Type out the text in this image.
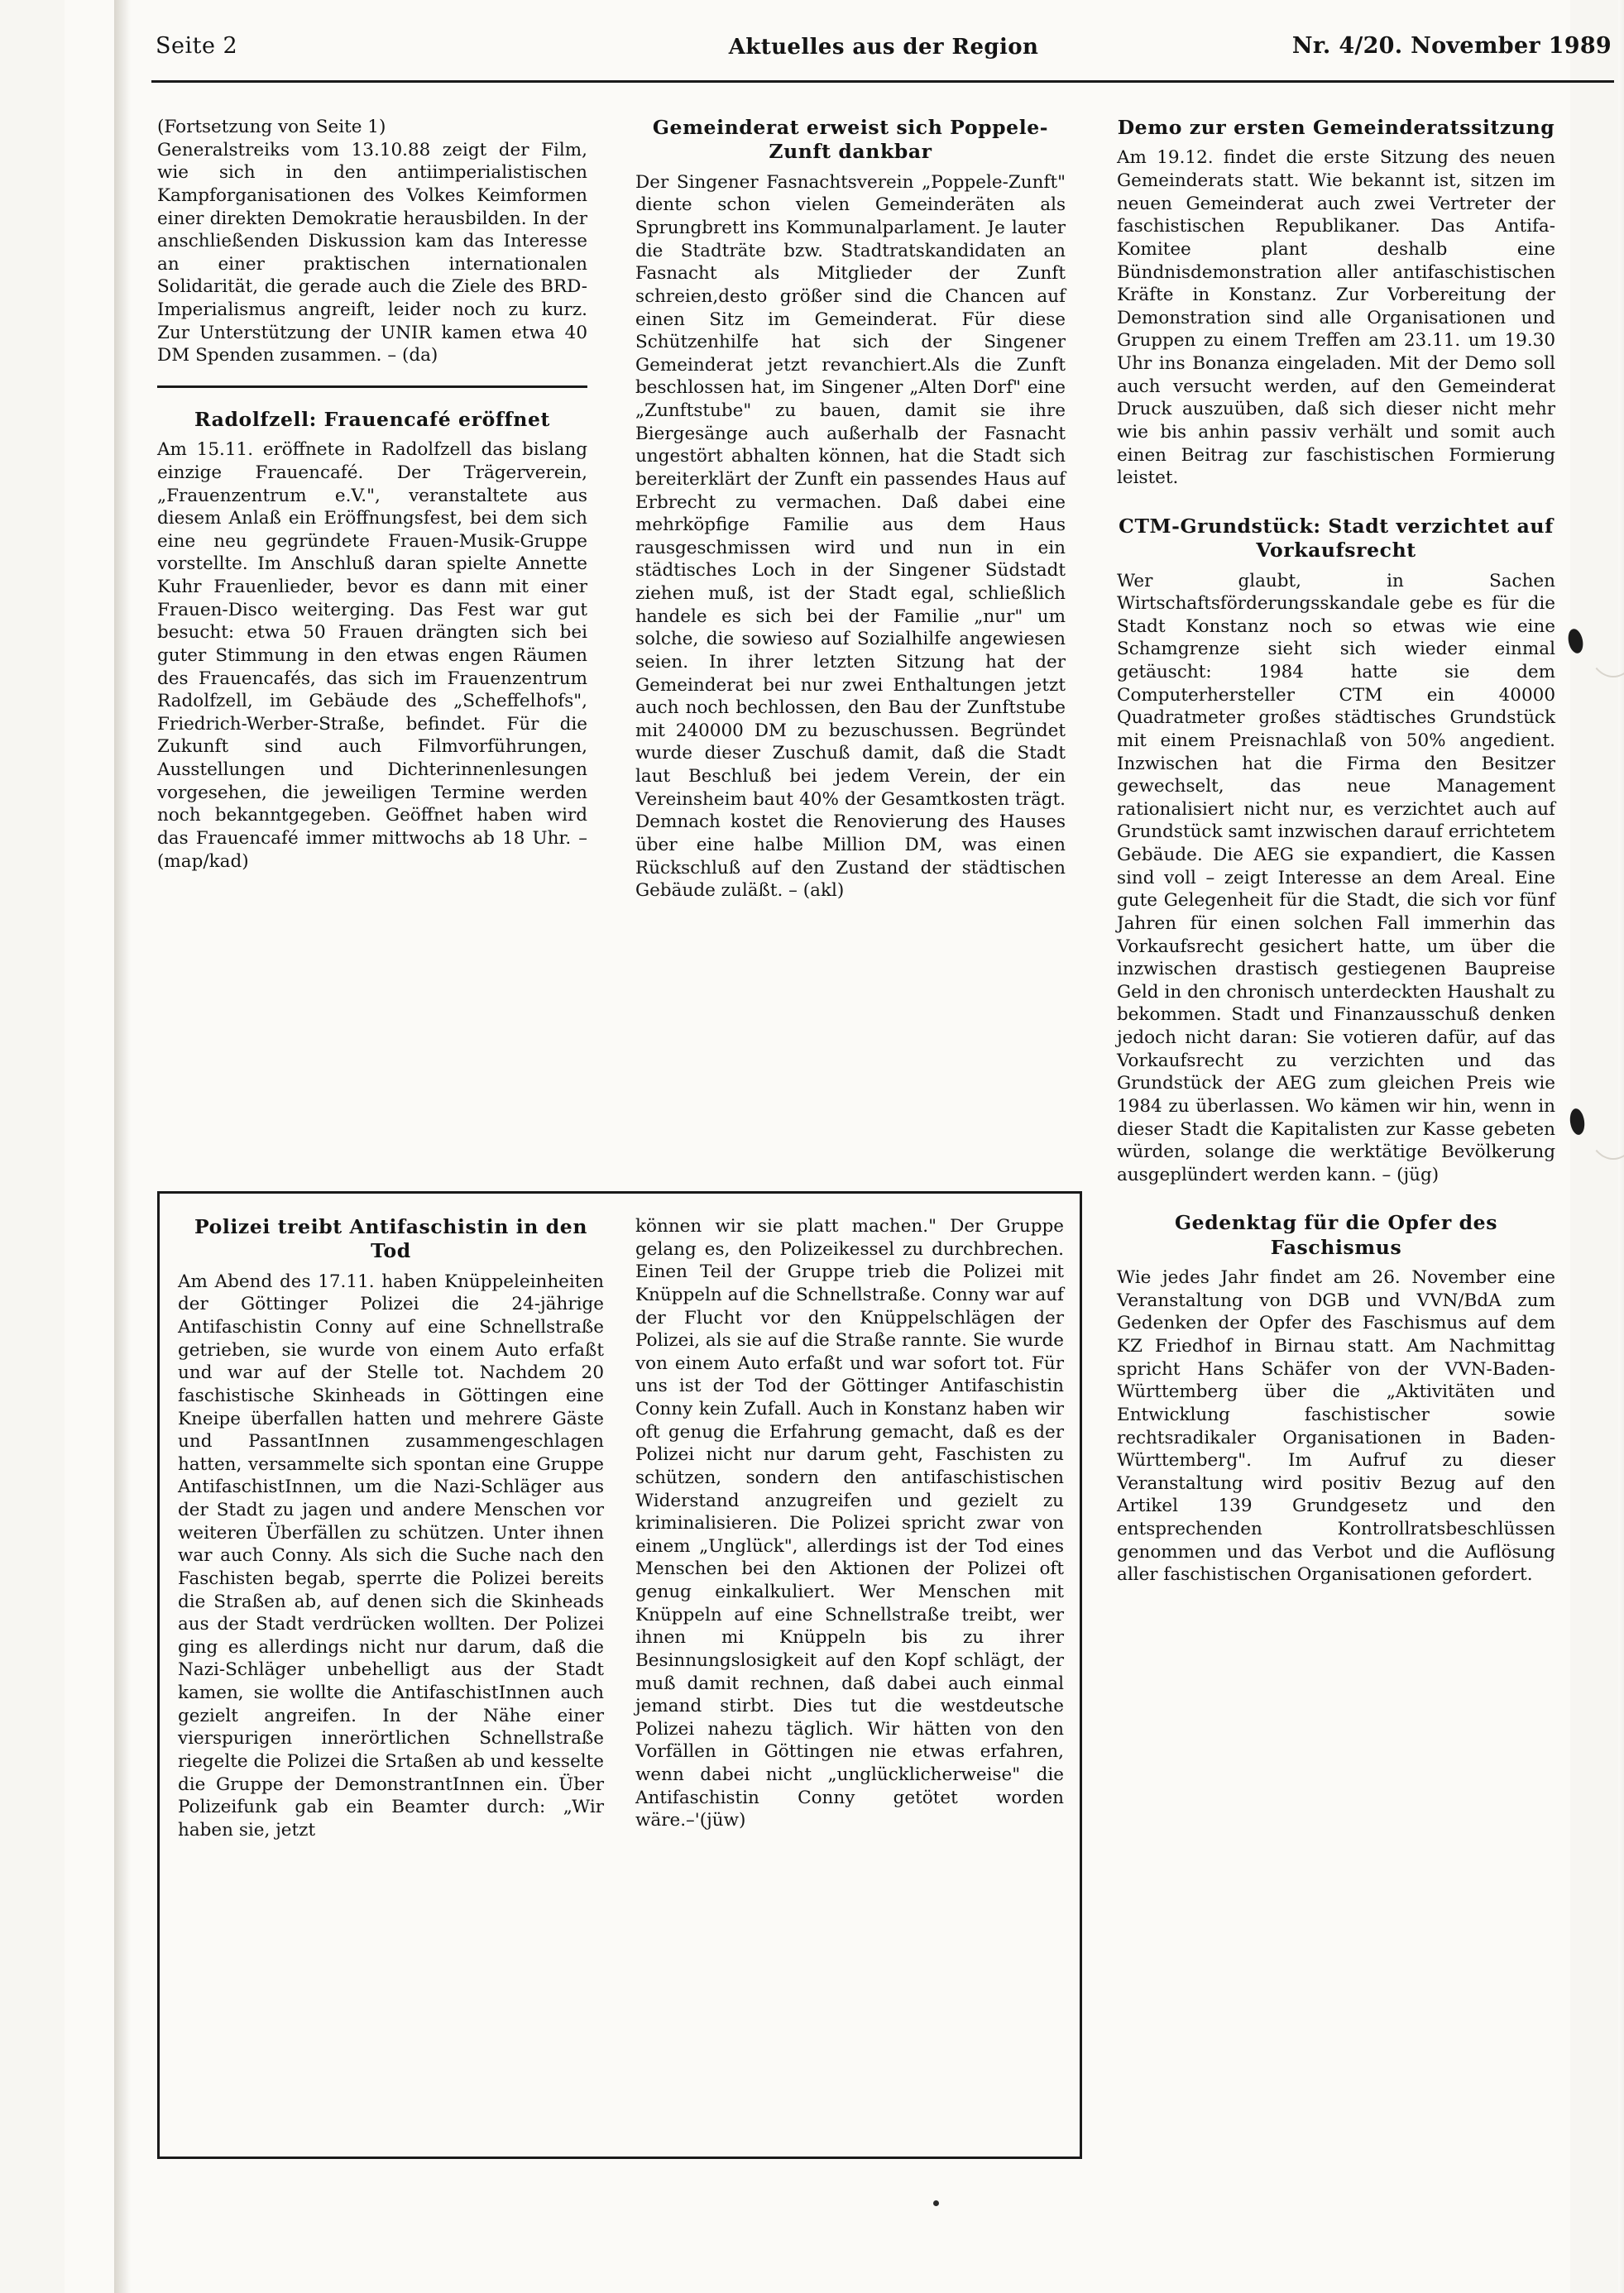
Seite 2	Aktuelles aus der Region	Nr. 4/20. November 1989

(Fortsetzung von Seite 1)

Generalstreiks vom 13.10.88 zeigt der Film, wie sich in den antiimperialistischen Kampforganisationen des Volkes Keimformen einer direkten Demokratie herausbilden. In der anschließenden Diskussion kam das Interesse an einer praktischen internationalen Solidarität, die gerade auch die Ziele des BRD-Imperialismus angreift, leider noch zu kurz. Zur Unterstützung der UNIR kamen etwa 40 DM Spenden zusammen. – (da)

Radolfzell: Frauencafé eröffnet

Am 15.11. eröffnete in Radolfzell das bislang einzige Frauencafé. Der Trägerverein, „Frauenzentrum e.V.", veranstaltete aus diesem Anlaß ein Eröffnungsfest, bei dem sich eine neu gegründete Frauen-Musik-Gruppe vorstellte. Im Anschluß daran spielte Annette Kuhr Frauenlieder, bevor es dann mit einer Frauen-Disco weiterging. Das Fest war gut besucht: etwa 50 Frauen drängten sich bei guter Stimmung in den etwas engen Räumen des Frauencafés, das sich im Frauenzentrum Radolfzell, im Gebäude des „Scheffelhofs", Friedrich-Werber-Straße, befindet. Für die Zukunft sind auch Filmvorführungen, Ausstellungen und Dichterinnenlesungen vorgesehen, die jeweiligen Termine werden noch bekanntgegeben. Geöffnet haben wird das Frauencafé immer mittwochs ab 18 Uhr. – (map/kad)

Gemeinderat erweist sich Poppele-Zunft dankbar

Der Singener Fasnachtsverein „Poppele-Zunft" diente schon vielen Gemeinderäten als Sprungbrett ins Kommunalparlament. Je lauter die Stadträte bzw. Stadtratskandidaten an Fasnacht als Mitglieder der Zunft schreien,desto größer sind die Chancen auf einen Sitz im Gemeinderat. Für diese Schützenhilfe hat sich der Singener Gemeinderat jetzt revanchiert.Als die Zunft beschlossen hat, im Singener „Alten Dorf" eine „Zunftstube" zu bauen, damit sie ihre Biergesänge auch außerhalb der Fasnacht ungestört abhalten können, hat die Stadt sich bereiterklärt der Zunft ein passendes Haus auf Erbrecht zu vermachen. Daß dabei eine mehrköpfige Familie aus dem Haus rausgeschmissen wird und nun in ein städtisches Loch in der Singener Südstadt ziehen muß, ist der Stadt egal, schließlich handele es sich bei der Familie „nur" um solche, die sowieso auf Sozialhilfe angewiesen seien. In ihrer letzten Sitzung hat der Gemeinderat bei nur zwei Enthaltungen jetzt auch noch bechlossen, den Bau der Zunftstube mit 240000 DM zu bezuschussen. Begründet wurde dieser Zuschuß damit, daß die Stadt laut Beschluß bei jedem Verein, der ein Vereinsheim baut 40% der Gesamtkosten trägt. Demnach kostet die Renovierung des Hauses über eine halbe Million DM, was einen Rückschluß auf den Zustand der städtischen Gebäude zuläßt. – (akl)

Demo zur ersten Gemeinderatssitzung

Am 19.12. findet die erste Sitzung des neuen Gemeinderats statt. Wie bekannt ist, sitzen im neuen Gemeinderat auch zwei Vertreter der faschistischen Republikaner. Das Antifa-Komitee plant deshalb eine Bündnisdemonstration aller antifaschistischen Kräfte in Konstanz. Zur Vorbereitung der Demonstration sind alle Organisationen und Gruppen zu einem Treffen am 23.11. um 19.30 Uhr ins Bonanza eingeladen. Mit der Demo soll auch versucht werden, auf den Gemeinderat Druck auszuüben, daß sich dieser nicht mehr wie bis anhin passiv verhält und somit auch einen Beitrag zur faschistischen Formierung leistet.

CTM-Grundstück: Stadt verzichtet auf Vorkaufsrecht

Wer glaubt, in Sachen Wirtschaftsförderungsskandale gebe es für die Stadt Konstanz noch so etwas wie eine Schamgrenze sieht sich wieder einmal getäuscht: 1984 hatte sie dem Computerhersteller CTM ein 40000 Quadratmeter großes städtisches Grundstück mit einem Preisnachlaß von 50% angedient. Inzwischen hat die Firma den Besitzer gewechselt, das neue Management rationalisiert nicht nur, es verzichtet auch auf Grundstück samt inzwischen darauf errichtetem Gebäude. Die AEG sie expandiert, die Kassen sind voll – zeigt Interesse an dem Areal. Eine gute Gelegenheit für die Stadt, die sich vor fünf Jahren für einen solchen Fall immerhin das Vorkaufsrecht gesichert hatte, um über die inzwischen drastisch gestiegenen Baupreise Geld in den chronisch unterdeckten Haushalt zu bekommen. Stadt und Finanzausschuß denken jedoch nicht daran: Sie votieren dafür, auf das Vorkaufsrecht zu verzichten und das Grundstück der AEG zum gleichen Preis wie 1984 zu überlassen. Wo kämen wir hin, wenn in dieser Stadt die Kapitalisten zur Kasse gebeten würden, solange die werktätige Bevölkerung ausgeplündert werden kann. – (jüg)

Gedenktag für die Opfer des Faschismus

Wie jedes Jahr findet am 26. November eine Veranstaltung von DGB und VVN/BdA zum Gedenken der Opfer des Faschismus auf dem KZ Friedhof in Birnau statt. Am Nachmittag spricht Hans Schäfer von der VVN-Baden-Württemberg über die „Aktivitäten und Entwicklung faschistischer sowie rechtsradikaler Organisationen in Baden-Württemberg". Im Aufruf zu dieser Veranstaltung wird positiv Bezug auf den Artikel 139 Grundgesetz und den entsprechenden Kontrollratsbeschlüssen genommen und das Verbot und die Auflösung aller faschistischen Organisationen gefordert.

Polizei treibt Antifaschistin in den Tod

Am Abend des 17.11. haben Knüppeleinheiten der Göttinger Polizei die 24-jährige Antifaschistin Conny auf eine Schnellstraße getrieben, sie wurde von einem Auto erfaßt und war auf der Stelle tot. Nachdem 20 faschistische Skinheads in Göttingen eine Kneipe überfallen hatten und mehrere Gäste und PassantInnen zusammengeschlagen hatten, versammelte sich spontan eine Gruppe AntifaschistInnen, um die Nazi-Schläger aus der Stadt zu jagen und andere Menschen vor weiteren Überfällen zu schützen. Unter ihnen war auch Conny. Als sich die Suche nach den Faschisten begab, sperrte die Polizei bereits die Straßen ab, auf denen sich die Skinheads aus der Stadt verdrücken wollten. Der Polizei ging es allerdings nicht nur darum, daß die Nazi-Schläger unbehelligt aus der Stadt kamen, sie wollte die AntifaschistInnen auch gezielt angreifen. In der Nähe einer vierspurigen innerörtlichen Schnellstraße riegelte die Polizei die Srtaßen ab und kesselte die Gruppe der DemonstrantInnen ein. Über Polizeifunk gab ein Beamter durch: „Wir haben sie, jetzt

können wir sie platt machen." Der Gruppe gelang es, den Polizeikessel zu durchbrechen. Einen Teil der Gruppe trieb die Polizei mit Knüppeln auf die Schnellstraße. Conny war auf der Flucht vor den Knüppelschlägen der Polizei, als sie auf die Straße rannte. Sie wurde von einem Auto erfaßt und war sofort tot. Für uns ist der Tod der Göttinger Antifaschistin Conny kein Zufall. Auch in Konstanz haben wir oft genug die Erfahrung gemacht, daß es der Polizei nicht nur darum geht, Faschisten zu schützen, sondern den antifaschistischen Widerstand anzugreifen und gezielt zu kriminalisieren. Die Polizei spricht zwar von einem „Unglück", allerdings ist der Tod eines Menschen bei den Aktionen der Polizei oft genug einkalkuliert. Wer Menschen mit Knüppeln auf eine Schnellstraße treibt, wer ihnen mi Knüppeln bis zu ihrer Besinnungslosigkeit auf den Kopf schlägt, der muß damit rechnen, daß dabei auch einmal jemand stirbt. Dies tut die westdeutsche Polizei nahezu täglich. Wir hätten von den Vorfällen in Göttingen nie etwas erfahren, wenn dabei nicht „unglücklicherweise" die Antifaschistin Conny getötet worden wäre.–'(jüw)
